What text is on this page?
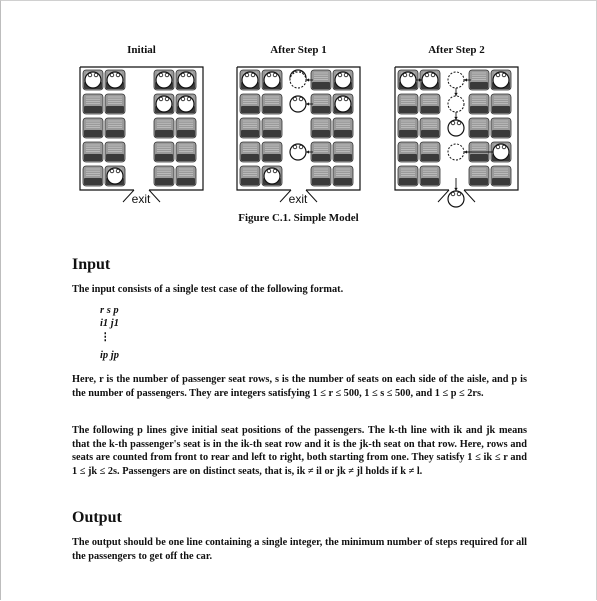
Initial	After Step 1	After Step 2
exit	exit
Figure C.1. Simple Model
Input

The input consists of a single test case of the following format.

r s p
i1 j1
⋮
ip jp

Here, r is the number of passenger seat rows, s is the number of seats on each side of the aisle, and p is the number of passengers. They are integers satisfying 1 ≤ r ≤ 500, 1 ≤ s ≤ 500, and 1 ≤ p ≤ 2rs.

The following p lines give initial seat positions of the passengers. The k-th line with ik and jk means that the k-th passenger's seat is in the ik-th seat row and it is the jk-th seat on that row. Here, rows and seats are counted from front to rear and left to right, both starting from one. They satisfy 1 ≤ ik ≤ r and 1 ≤ jk ≤ 2s. Passengers are on distinct seats, that is, ik ≠ il or jk ≠ jl holds if k ≠ l.

Output

The output should be one line containing a single integer, the minimum number of steps required for all the passengers to get off the car.
